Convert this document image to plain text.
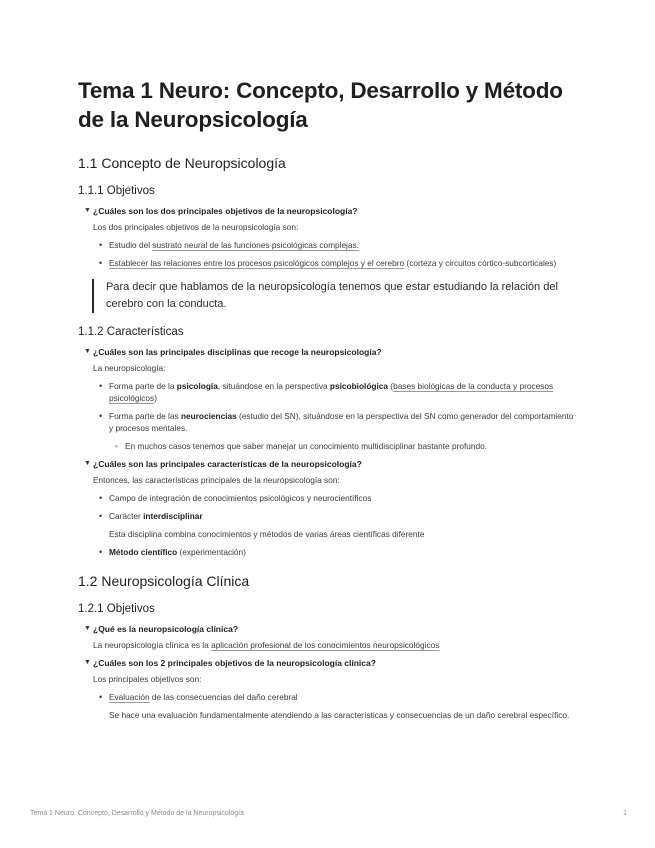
Tema 1 Neuro: Concepto, Desarrollo y Método de la Neuropsicología
1.1 Concepto de Neuropsicología
1.1.1 Objetivos
▼ ¿Cuáles son los dos principales objetivos de la neuropsicología?

Los dos principales objetivos de la neuropsicología son:

• Estudio del sustrato neural de las funciones psicológicas complejas.
• Establecer las relaciones entre los procesos psicológicos complejos y el cerebro (corteza y circuitos córtico-subcorticales)
Para decir que hablamos de la neuropsicología tenemos que estar estudiando la relación del cerebro con la conducta.
1.1.2 Características
▼ ¿Cuáles son las principales disciplinas que recoge la neuropsicología?

La neuropsicología:

• Forma parte de la psicología, situándose en la perspectiva psicobiológica (bases biológicas de la conducta y procesos psicológicos)
• Forma parte de las neurociencias (estudio del SN), situándose en la perspectiva del SN como generador del comportamiento y procesos mentales.
◦ En muchos casos tenemos que saber manejar un conocimiento multidisciplinar bastante profundo.
▼ ¿Cuáles son las principales características de la neuropsicología?

Entonces, las características principales de la neuropsicología son:

• Campo de integración de conocimientos psicológicos y neurocientíficos
• Carácter interdisciplinar

Esta disciplina combina conocimientos y métodos de varias áreas científicas diferente

• Método científico (experimentación)
1.2 Neuropsicología Clínica
1.2.1 Objetivos
▼ ¿Qué es la neuropsicología clínica?

La neuropsicología clínica es la aplicación profesional de los conocimientos neuropsicológicos

▼ ¿Cuáles son los 2 principales objetivos de la neuropsicología clínica?

Los principales objetivos son:

• Evaluación de las consecuencias del daño cerebral

Se hace una evaluación fundamentalmente atendiendo a las características y consecuencias de un daño cerebral específico.

Tema 1 Neuro: Concepto, Desarrollo y Método de la Neuropsicología	1
